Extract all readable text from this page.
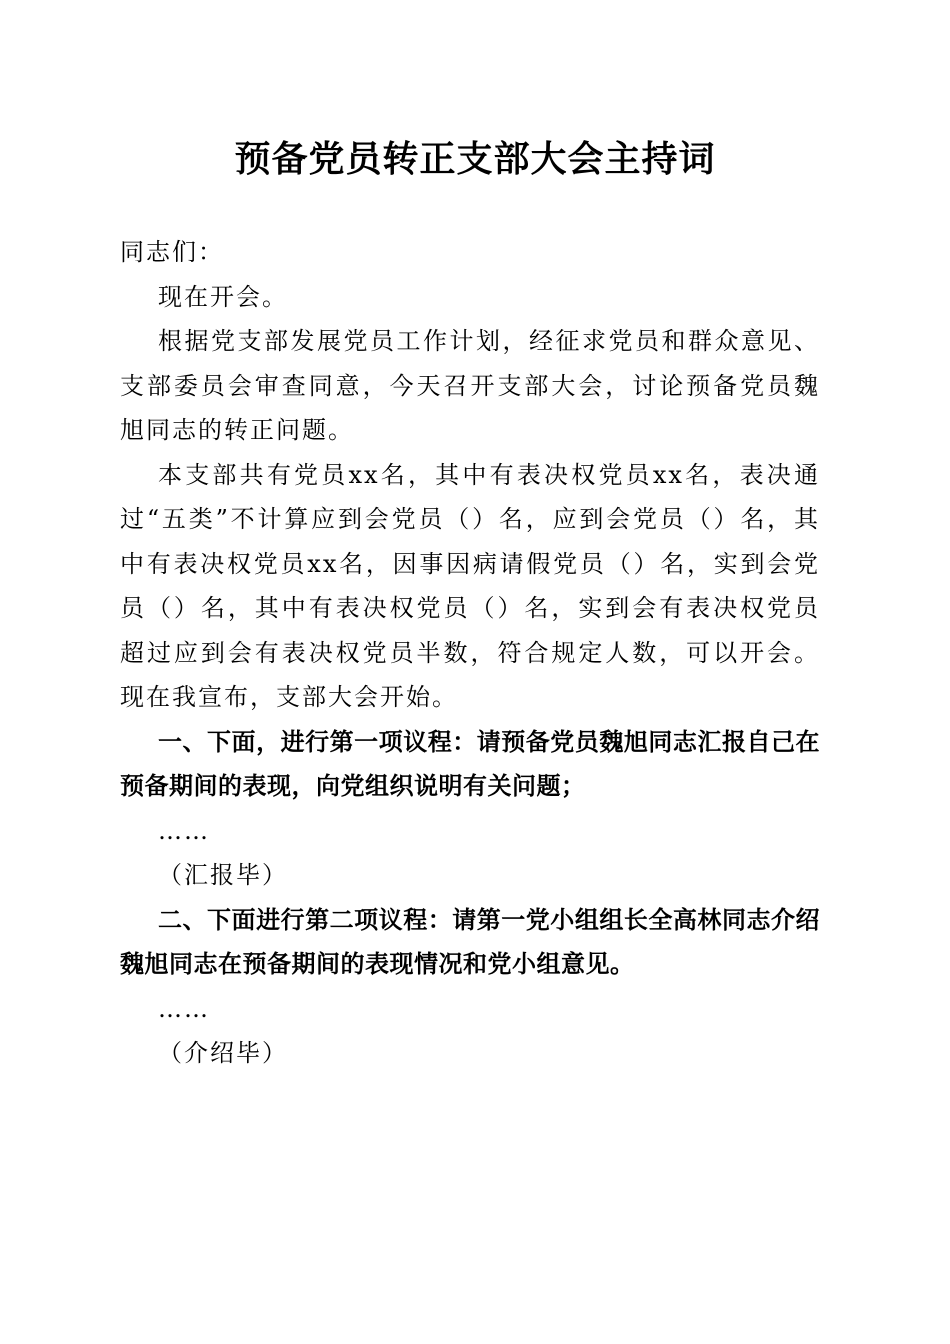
预备党员转正支部大会主持词

同志们：

现在开会。

根据党支部发展党员工作计划，经征求党员和群众意见、支部委员会审查同意，今天召开支部大会，讨论预备党员魏旭同志的转正问题。

本支部共有党员xx名，其中有表决权党员xx名，表决通过“五类”不计算应到会党员（）名，应到会党员（）名，其中有表决权党员xx名，因事因病请假党员（）名，实到会党员（）名，其中有表决权党员（）名，实到会有表决权党员超过应到会有表决权党员半数，符合规定人数，可以开会。现在我宣布，支部大会开始。

一、下面，进行第一项议程：请预备党员魏旭同志汇报自己在预备期间的表现，向党组织说明有关问题；

……

（汇报毕）

二、下面进行第二项议程：请第一党小组组长全高林同志介绍魏旭同志在预备期间的表现情况和党小组意见。

……

（介绍毕）
